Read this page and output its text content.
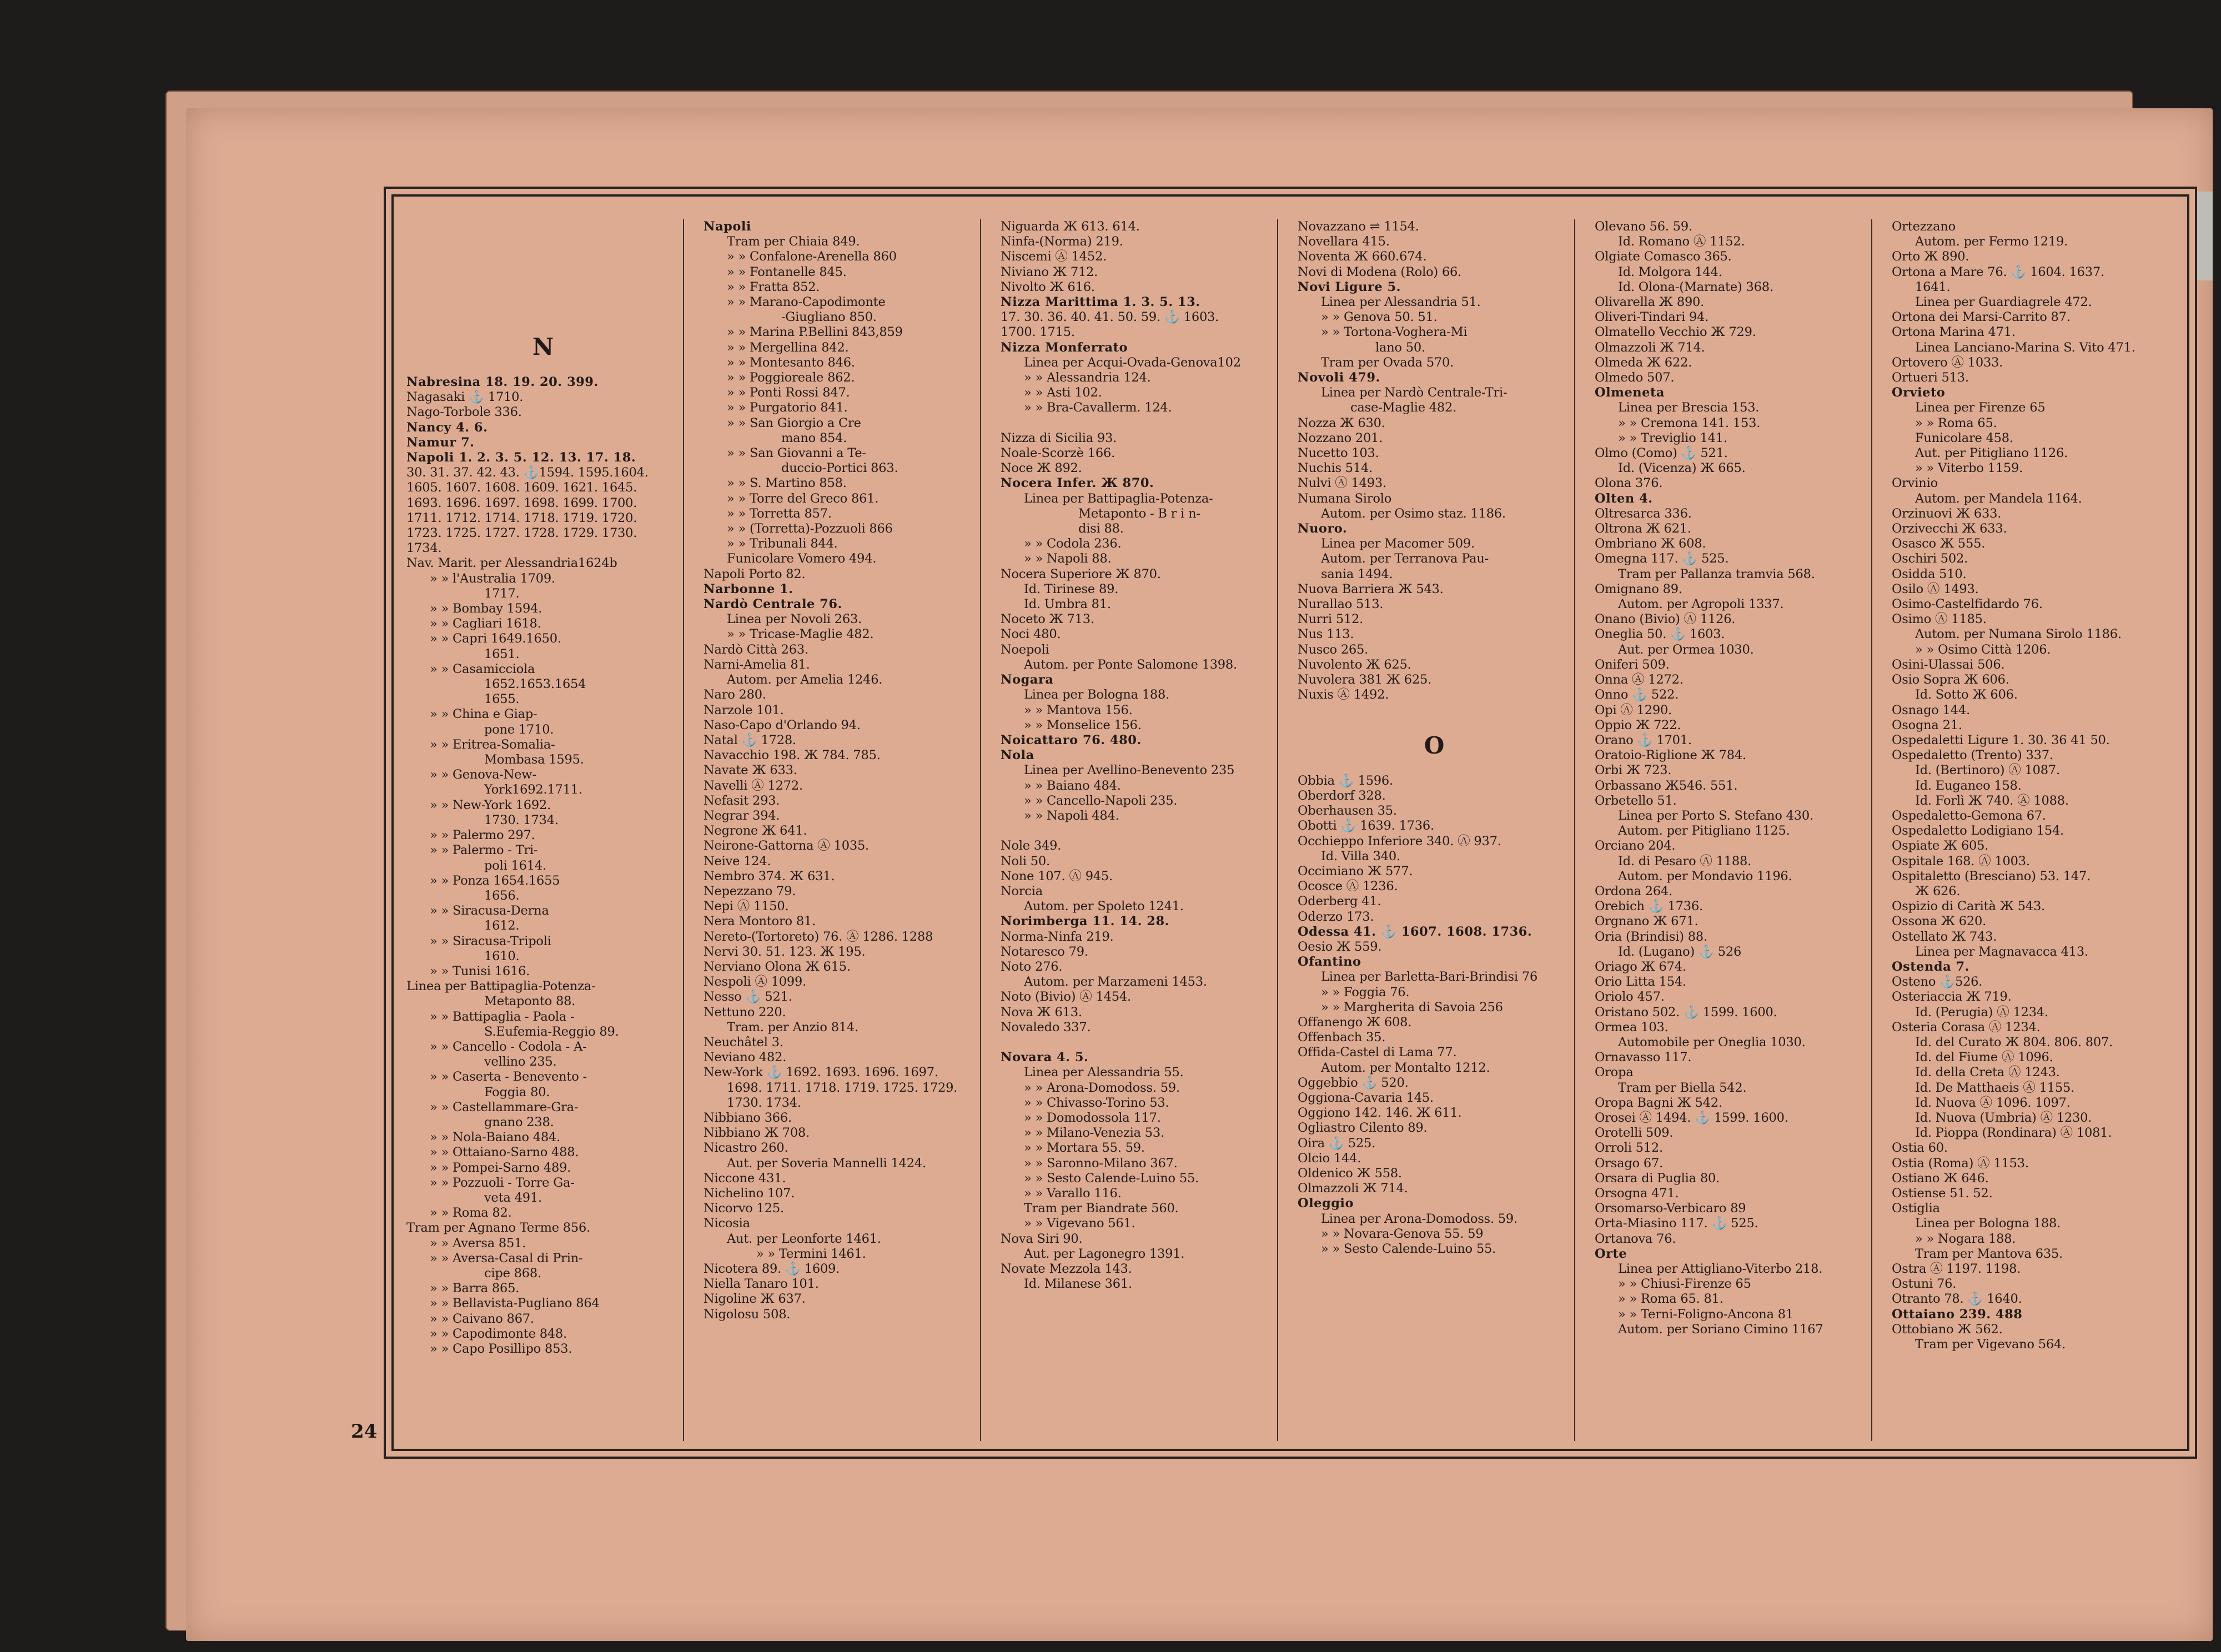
24
N
Nabresina 18. 19. 20. 399.
Nagasaki ⚓ 1710.
Nago-Torbole 336.
Nancy 4. 6.
Namur 7.
Napoli 1. 2. 3. 5. 12. 13. 17. 18.
30. 31. 37. 42. 43. ⚓1594. 1595.1604.
1605. 1607. 1608. 1609. 1621. 1645.
1693. 1696. 1697. 1698. 1699. 1700.
1711. 1712. 1714. 1718. 1719. 1720.
1723. 1725. 1727. 1728. 1729. 1730.
1734.
Nav. Marit. per Alessandria1624b
» » l'Australia 1709.
1717.
» » Bombay 1594.
» » Cagliari 1618.
» » Capri 1649.1650.
1651.
» » Casamicciola
1652.1653.1654
1655.
» » China e Giap-
pone 1710.
» » Eritrea-Somalia-
Mombasa 1595.
» » Genova-New-
York1692.1711.
» » New-York 1692.
1730. 1734.
» » Palermo 297.
» » Palermo - Tri-
poli 1614.
» » Ponza 1654.1655
1656.
» » Siracusa-Derna
1612.
» » Siracusa-Tripoli
1610.
» » Tunisi 1616.
Linea per Battipaglia-Potenza-
Metaponto 88.
» » Battipaglia - Paola -
S.Eufemia-Reggio 89.
» » Cancello - Codola - A-
vellino 235.
» » Caserta - Benevento -
Foggia 80.
» » Castellammare-Gra-
gnano 238.
» » Nola-Baiano 484.
» » Ottaiano-Sarno 488.
» » Pompei-Sarno 489.
» » Pozzuoli - Torre Ga-
veta 491.
» » Roma 82.
Tram per Agnano Terme 856.
» » Aversa 851.
» » Aversa-Casal di Prin-
cipe 868.
» » Barra 865.
» » Bellavista-Pugliano 864
» » Caivano 867.
» » Capodimonte 848.
» » Capo Posillipo 853.
Napoli
Tram per Chiaia 849.
» » Confalone-Arenella 860
» » Fontanelle 845.
» » Fratta 852.
» » Marano-Capodimonte
-Giugliano 850.
» » Marina P.Bellini 843,859
» » Mergellina 842.
» » Montesanto 846.
» » Poggioreale 862.
» » Ponti Rossi 847.
» » Purgatorio 841.
» » San Giorgio a Cre
mano 854.
» » San Giovanni a Te-
duccio-Portici 863.
» » S. Martino 858.
» » Torre del Greco 861.
» » Torretta 857.
» » (Torretta)-Pozzuoli 866
» » Tribunali 844.
Funicolare Vomero 494.
Napoli Porto 82.
Narbonne 1.
Nardò Centrale 76.
Linea per Novoli 263.
» » Tricase-Maglie 482.
Nardò Città 263.
Narni-Amelia 81.
Autom. per Amelia 1246.
Naro 280.
Narzole 101.
Naso-Capo d'Orlando 94.
Natal ⚓ 1728.
Navacchio 198. Ж 784. 785.
Navate Ж 633.
Navelli Ⓐ 1272.
Nefasit 293.
Negrar 394.
Negrone Ж 641.
Neirone-Gattorna Ⓐ 1035.
Neive 124.
Nembro 374. Ж 631.
Nepezzano 79.
Nepi Ⓐ 1150.
Nera Montoro 81.
Nereto-(Tortoreto) 76. Ⓐ 1286. 1288
Nervi 30. 51. 123. Ж 195.
Nerviano Olona Ж 615.
Nespoli Ⓐ 1099.
Nesso ⚓ 521.
Nettuno 220.
Tram. per Anzio 814.
Neuchâtel 3.
Neviano 482.
New-York ⚓ 1692. 1693. 1696. 1697.
1698. 1711. 1718. 1719. 1725. 1729.
1730. 1734.
Nibbiano 366.
Nibbiano Ж 708.
Nicastro 260.
Aut. per Soveria Mannelli 1424.
Niccone 431.
Nichelino 107.
Nicorvo 125.
Nicosia
Aut. per Leonforte 1461.
» » Termini 1461.
Nicotera 89. ⚓ 1609.
Niella Tanaro 101.
Nigoline Ж 637.
Nigolosu 508.
Niguarda Ж 613. 614.
Ninfa-(Norma) 219.
Niscemi Ⓐ 1452.
Niviano Ж 712.
Nivolto Ж 616.
Nizza Marittima 1. 3. 5. 13.
17. 30. 36. 40. 41. 50. 59. ⚓ 1603.
1700. 1715.
Nizza Monferrato
Linea per Acqui-Ovada-Genova102
» » Alessandria 124.
» » Asti 102.
» » Bra-Cavallerm. 124.

Nizza di Sicilia 93.
Noale-Scorzè 166.
Noce Ж 892.
Nocera Infer. Ж 870.
Linea per Battipaglia-Potenza-
Metaponto - B r i n-
disi 88.
» » Codola 236.
» » Napoli 88.
Nocera Superiore Ж 870.
Id. Tirinese 89.
Id. Umbra 81.
Noceto Ж 713.
Noci 480.
Noepoli
Autom. per Ponte Salomone 1398.
Nogara
Linea per Bologna 188.
» » Mantova 156.
» » Monselice 156.
Noicattaro 76. 480.
Nola
Linea per Avellino-Benevento 235
» » Baiano 484.
» » Cancello-Napoli 235.
» » Napoli 484.

Nole 349.
Noli 50.
None 107. Ⓐ 945.
Norcia
Autom. per Spoleto 1241.
Norimberga 11. 14. 28.
Norma-Ninfa 219.
Notaresco 79.
Noto 276.
Autom. per Marzameni 1453.
Noto (Bivio) Ⓐ 1454.
Nova Ж 613.
Novaledo 337.

Novara 4. 5.
Linea per Alessandria 55.
» » Arona-Domodoss. 59.
» » Chivasso-Torino 53.
» » Domodossola 117.
» » Milano-Venezia 53.
» » Mortara 55. 59.
» » Saronno-Milano 367.
» » Sesto Calende-Luino 55.
» » Varallo 116.
Tram per Biandrate 560.
» » Vigevano 561.
Nova Siri 90.
Aut. per Lagonegro 1391.
Novate Mezzola 143.
Id. Milanese 361.
Novazzano ⇌ 1154.
Novellara 415.
Noventa Ж 660.674.
Novi di Modena (Rolo) 66.
Novi Ligure 5.
Linea per Alessandria 51.
» » Genova 50. 51.
» » Tortona-Voghera-Mi
lano 50.
Tram per Ovada 570.
Novoli 479.
Linea per Nardò Centrale-Tri-
case-Maglie 482.
Nozza Ж 630.
Nozzano 201.
Nucetto 103.
Nuchis 514.
Nulvi Ⓐ 1493.
Numana Sirolo
Autom. per Osimo staz. 1186.
Nuoro.
Linea per Macomer 509.
Autom. per Terranova Pau-
sania 1494.
Nuova Barriera Ж 543.
Nurallao 513.
Nurri 512.
Nus 113.
Nusco 265.
Nuvolento Ж 625.
Nuvolera 381 Ж 625.
Nuxis Ⓐ 1492.

O
Obbia ⚓ 1596.
Oberdorf 328.
Oberhausen 35.
Obotti ⚓ 1639. 1736.
Occhieppo Inferiore 340. Ⓐ 937.
Id. Villa 340.
Occimiano Ж 577.
Ocosce Ⓐ 1236.
Oderberg 41.
Oderzo 173.
Odessa 41. ⚓ 1607. 1608. 1736.
Oesio Ж 559.
Ofantino
Linea per Barletta-Bari-Brindisi 76
» » Foggia 76.
» » Margherita di Savoia 256
Offanengo Ж 608.
Offenbach 35.
Offida-Castel di Lama 77.
Autom. per Montalto 1212.
Oggebbio ⚓ 520.
Oggiona-Cavaria 145.
Oggiono 142. 146. Ж 611.
Ogliastro Cilento 89.
Oira ⚓ 525.
Olcio 144.
Oldenico Ж 558.
Olmazzoli Ж 714.
Oleggio
Linea per Arona-Domodoss. 59.
» » Novara-Genova 55. 59
» » Sesto Calende-Luino 55.
Olevano 56. 59.
Id. Romano Ⓐ 1152.
Olgiate Comasco 365.
Id. Molgora 144.
Id. Olona-(Marnate) 368.
Olivarella Ж 890.
Oliveri-Tindari 94.
Olmatello Vecchio Ж 729.
Olmazzoli Ж 714.
Olmeda Ж 622.
Olmedo 507.
Olmeneta
Linea per Brescia 153.
» » Cremona 141. 153.
» » Treviglio 141.
Olmo (Como) ⚓ 521.
Id. (Vicenza) Ж 665.
Olona 376.
Olten 4.
Oltresarca 336.
Oltrona Ж 621.
Ombriano Ж 608.
Omegna 117. ⚓ 525.
Tram per Pallanza tramvia 568.
Omignano 89.
Autom. per Agropoli 1337.
Onano (Bivio) Ⓐ 1126.
Oneglia 50. ⚓ 1603.
Aut. per Ormea 1030.
Oniferi 509.
Onna Ⓐ 1272.
Onno ⚓ 522.
Opi Ⓐ 1290.
Oppio Ж 722.
Orano ⚓ 1701.
Oratoio-Riglione Ж 784.
Orbi Ж 723.
Orbassano Ж546. 551.
Orbetello 51.
Linea per Porto S. Stefano 430.
Autom. per Pitigliano 1125.
Orciano 204.
Id. di Pesaro Ⓐ 1188.
Autom. per Mondavio 1196.
Ordona 264.
Orebich ⚓ 1736.
Orgnano Ж 671.
Oria (Brindisi) 88.
Id. (Lugano) ⚓ 526
Oriago Ж 674.
Orio Litta 154.
Oriolo 457.
Oristano 502. ⚓ 1599. 1600.
Ormea 103.
Automobile per Oneglia 1030.
Ornavasso 117.
Oropa
Tram per Biella 542.
Oropa Bagni Ж 542.
Orosei Ⓐ 1494. ⚓ 1599. 1600.
Orotelli 509.
Orroli 512.
Orsago 67.
Orsara di Puglia 80.
Orsogna 471.
Orsomarso-Verbicaro 89
Orta-Miasino 117. ⚓ 525.
Ortanova 76.
Orte
Linea per Attigliano-Viterbo 218.
» » Chiusi-Firenze 65
» » Roma 65. 81.
» » Terni-Foligno-Ancona 81
Autom. per Soriano Cimino 1167
Ortezzano
Autom. per Fermo 1219.
Orto Ж 890.
Ortona a Mare 76. ⚓ 1604. 1637.
1641.
Linea per Guardiagrele 472.
Ortona dei Marsi-Carrito 87.
Ortona Marina 471.
Linea Lanciano-Marina S. Vito 471.
Ortovero Ⓐ 1033.
Ortueri 513.
Orvieto
Linea per Firenze 65
» » Roma 65.
Funicolare 458.
Aut. per Pitigliano 1126.
» » Viterbo 1159.
Orvinio
Autom. per Mandela 1164.
Orzinuovi Ж 633.
Orzivecchi Ж 633.
Osasco Ж 555.
Oschiri 502.
Osidda 510.
Osilo Ⓐ 1493.
Osimo-Castelfidardo 76.
Osimo Ⓐ 1185.
Autom. per Numana Sirolo 1186.
» » Osimo Città 1206.
Osini-Ulassai 506.
Osio Sopra Ж 606.
Id. Sotto Ж 606.
Osnago 144.
Osogna 21.
Ospedaletti Ligure 1. 30. 36 41 50.
Ospedaletto (Trento) 337.
Id. (Bertinoro) Ⓐ 1087.
Id. Euganeo 158.
Id. Forlì Ж 740. Ⓐ 1088.
Ospedaletto-Gemona 67.
Ospedaletto Lodigiano 154.
Ospiate Ж 605.
Ospitale 168. Ⓐ 1003.
Ospitaletto (Bresciano) 53. 147.
Ж 626.
Ospizio di Carità Ж 543.
Ossona Ж 620.
Ostellato Ж 743.
Linea per Magnavacca 413.
Ostenda 7.
Osteno ⚓526.
Osteriaccia Ж 719.
Id. (Perugia) Ⓐ 1234.
Osteria Corasa Ⓐ 1234.
Id. del Curato Ж 804. 806. 807.
Id. del Fiume Ⓐ 1096.
Id. della Creta Ⓐ 1243.
Id. De Matthaeis Ⓐ 1155.
Id. Nuova Ⓐ 1096. 1097.
Id. Nuova (Umbria) Ⓐ 1230.
Id. Pioppa (Rondinara) Ⓐ 1081.
Ostia 60.
Ostia (Roma) Ⓐ 1153.
Ostiano Ж 646.
Ostiense 51. 52.
Ostiglia
Linea per Bologna 188.
» » Nogara 188.
Tram per Mantova 635.
Ostra Ⓐ 1197. 1198.
Ostuni 76.
Otranto 78. ⚓ 1640.
Ottaiano 239. 488
Ottobiano Ж 562.
Tram per Vigevano 564.
